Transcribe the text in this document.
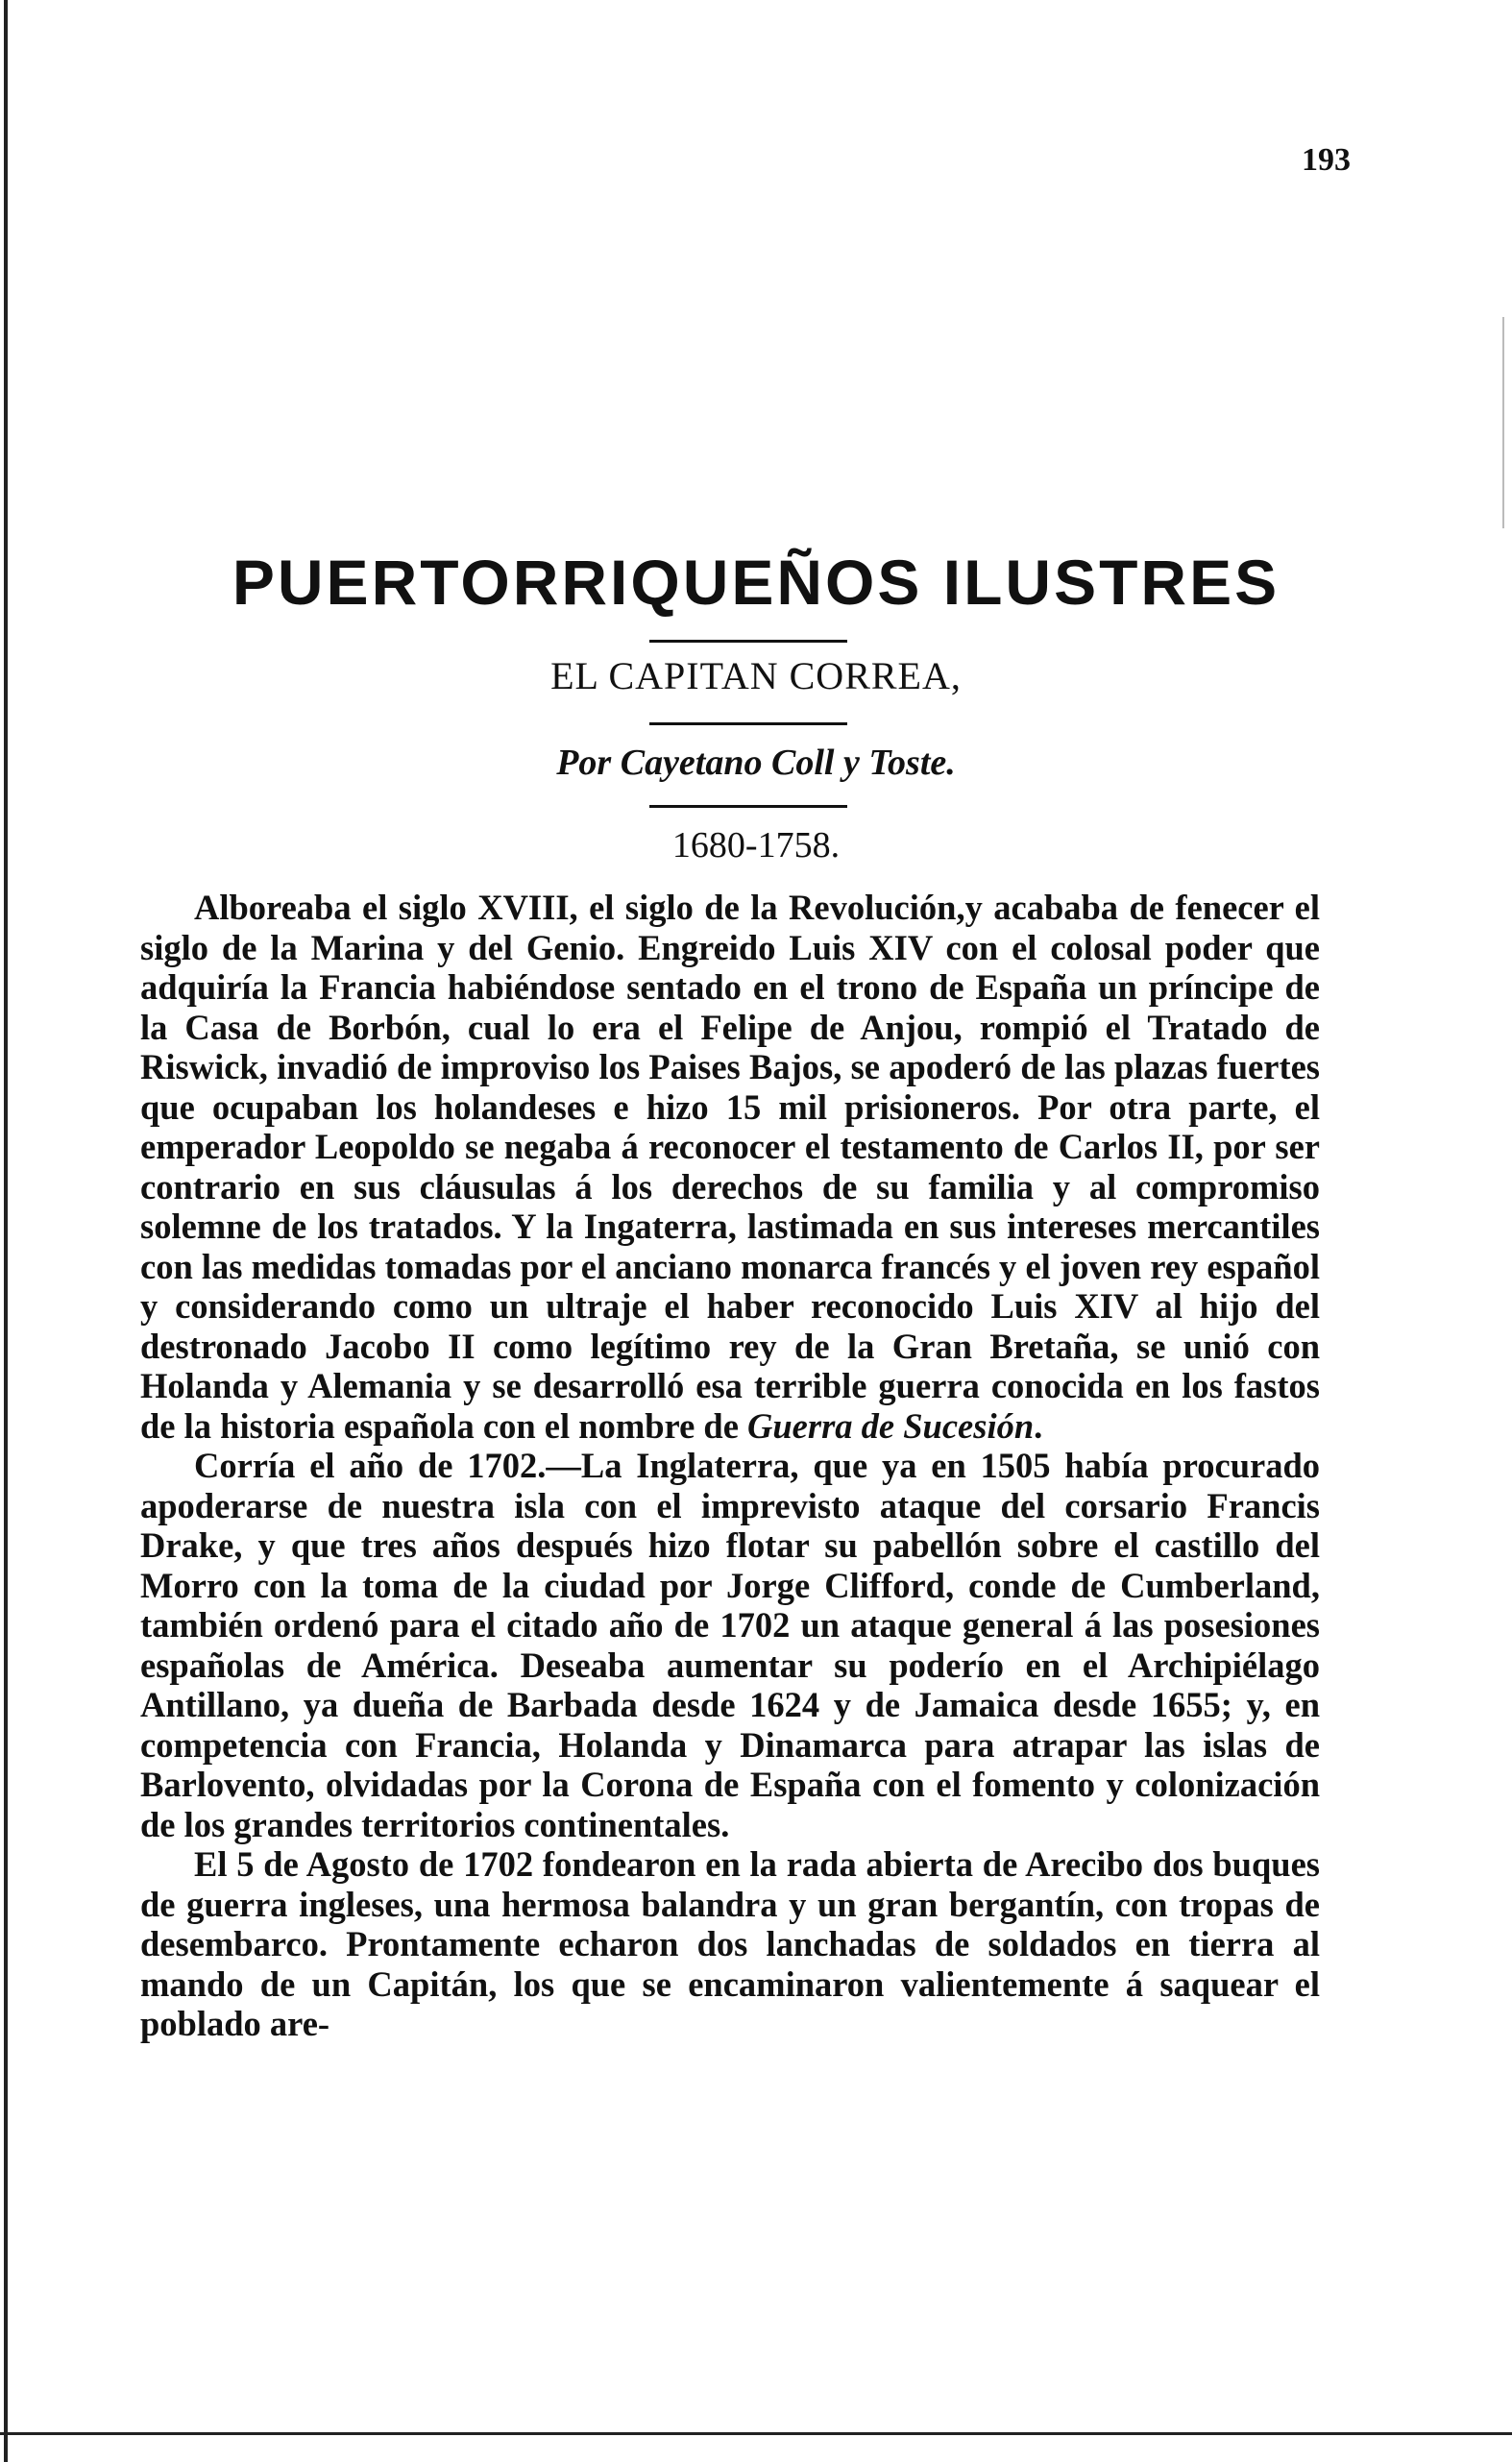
193
PUERTORRIQUEÑOS ILUSTRES
EL CAPITAN CORREA,
Por Cayetano Coll y Toste.
1680-1758.

Alboreaba el siglo XVIII, el siglo de la Revolución,y acababa de fenecer el siglo de la Marina y del Genio. Engreido Luis XIV con el colosal poder que adquiría la Francia habiéndose sentado en el trono de España un príncipe de la Casa de Borbón, cual lo era el Felipe de Anjou, rompió el Tratado de Riswick, invadió de improviso los Paises Bajos, se apoderó de las plazas fuertes que ocupaban los holandeses e hizo 15 mil prisioneros. Por otra parte, el emperador Leopoldo se negaba á reconocer el testamento de Carlos II, por ser contrario en sus cláusulas á los derechos de su familia y al compromiso solemne de los tratados. Y la Ingaterra, lastimada en sus intereses mercantiles con las medidas tomadas por el anciano monarca francés y el joven rey español y considerando como un ultraje el haber reconocido Luis XIV al hijo del destronado Jacobo II como legítimo rey de la Gran Bretaña, se unió con Holanda y Alemania y se desarrolló esa terrible guerra conocida en los fastos de la historia española con el nombre de Guerra de Sucesión.

Corría el año de 1702.—La Inglaterra, que ya en 1505 había procurado apoderarse de nuestra isla con el imprevisto ataque del corsario Francis Drake, y que tres años después hizo flotar su pabellón sobre el castillo del Morro con la toma de la ciudad por Jorge Clifford, conde de Cumberland, también ordenó para el citado año de 1702 un ataque general á las posesiones españolas de América. Deseaba aumentar su poderío en el Archipiélago Antillano, ya dueña de Barbada desde 1624 y de Jamaica desde 1655; y, en competencia con Francia, Holanda y Dinamarca para atrapar las islas de Barlovento, olvidadas por la Corona de España con el fomento y colonización de los grandes territorios continentales.

El 5 de Agosto de 1702 fondearon en la rada abierta de Arecibo dos buques de guerra ingleses, una hermosa balandra y un gran bergantín, con tropas de desembarco. Prontamente echaron dos lanchadas de soldados en tierra al mando de un Capitán, los que se encaminaron valientemente á saquear el poblado are-
